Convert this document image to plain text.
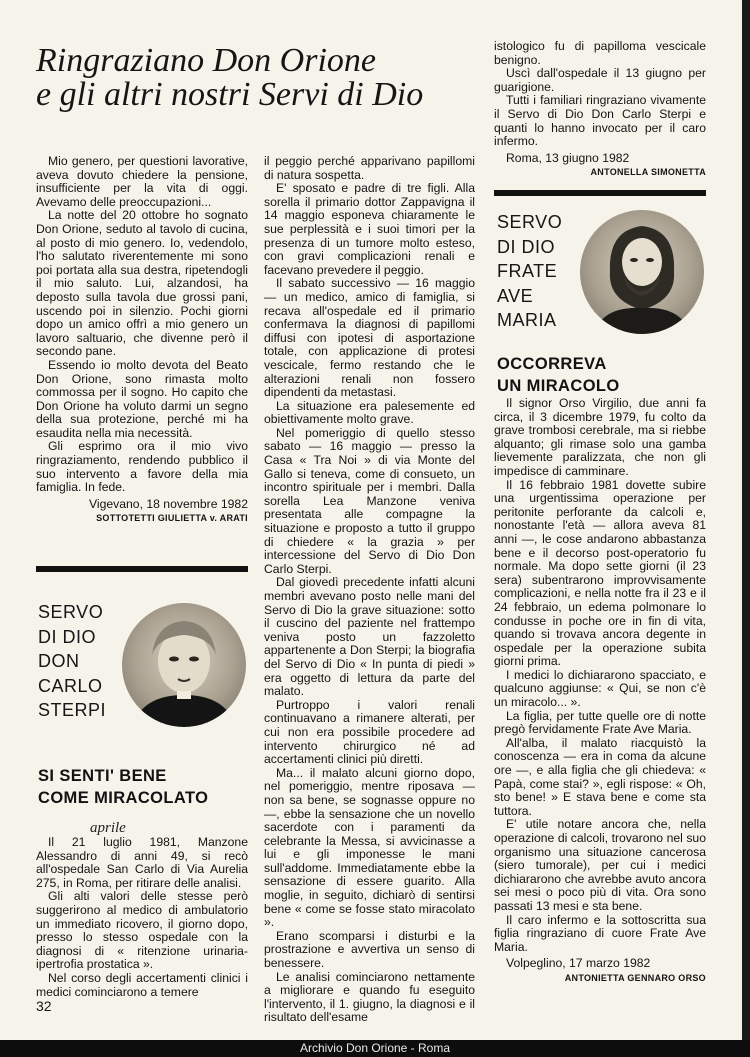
Ringraziano Don Orione
e gli altri nostri Servi di Dio

Mio genero, per questioni lavorative, aveva dovuto chiedere la pensione, insufficiente per la vita di oggi. Avevamo delle preoccupazioni...

La notte del 20 ottobre ho sognato Don Orione, seduto al tavolo di cucina, al posto di mio genero. Io, vedendolo, l'ho salutato riverentemente mi sono poi portata alla sua destra, ripetendogli il mio saluto. Lui, alzandosi, ha deposto sulla tavola due grossi pani, uscendo poi in silenzio. Pochi giorni dopo un amico offrì a mio genero un lavoro saltuario, che divenne però il secondo pane.

Essendo io molto devota del Beato Don Orione, sono rimasta molto commossa per il sogno. Ho capito che Don Orione ha voluto darmi un segno della sua protezione, perché mi ha esaudita nella mia necessità.

Gli esprimo ora il mio vivo ringraziamento, rendendo pubblico il suo intervento a favore della mia famiglia. In fede.

Vigevano, 18 novembre 1982

SOTTOTETTI GIULIETTA v. ARATI

SERVO
DI DIO
DON
CARLO
STERPI
SI SENTI' BENE
COME MIRACOLATO
aprile

Il 21 luglio 1981, Manzone Alessandro di anni 49, si recò all'ospedale San Carlo di Via Aurelia 275, in Roma, per ritirare delle analisi.

Gli alti valori delle stesse però suggerirono al medico di ambulatorio un immediato ricovero, il giorno dopo, presso lo stesso ospedale con la diagnosi di « ritenzione urinaria-ipertrofia prostatica ».

Nel corso degli accertamenti clinici i medici cominciarono a temere

32

il peggio perché apparivano papillomi di natura sospetta.

E' sposato e padre di tre figli. Alla sorella il primario dottor Zappavigna il 14 maggio esponeva chiaramente le sue perplessità e i suoi timori per la presenza di un tumore molto esteso, con gravi complicazioni renali e facevano prevedere il peggio.

Il sabato successivo — 16 maggio — un medico, amico di famiglia, si recava all'ospedale ed il primario confermava la diagnosi di papillomi diffusi con ipotesi di asportazione totale, con applicazione di protesi vescicale, fermo restando che le alterazioni renali non fossero dipendenti da metastasi.

La situazione era palesemente ed obiettivamente molto grave.

Nel pomeriggio di quello stesso sabato — 16 maggio — presso la Casa « Tra Noi » di via Monte del Gallo si teneva, come di consueto, un incontro spirituale per i membri. Dalla sorella Lea Manzone veniva presentata alle compagne la situazione e proposto a tutto il gruppo di chiedere « la grazia » per intercessione del Servo di Dio Don Carlo Sterpi.

Dal giovedì precedente infatti alcuni membri avevano posto nelle mani del Servo di Dio la grave situazione: sotto il cuscino del paziente nel frattempo veniva posto un fazzoletto appartenente a Don Sterpi; la biografia del Servo di Dio « In punta di piedi » era oggetto di lettura da parte del malato.

Purtroppo i valori renali continuavano a rimanere alterati, per cui non era possibile procedere ad intervento chirurgico né ad accertamenti clinici più diretti.

Ma... il malato alcuni giorno dopo, nel pomeriggio, mentre riposava — non sa bene, se sognasse oppure no —, ebbe la sensazione che un novello sacerdote con i paramenti da celebrante la Messa, si avvicinasse a lui e gli imponesse le mani sull'addome. Immediatamente ebbe la sensazione di essere guarito. Alla moglie, in seguito, dichiarò di sentirsi bene « come se fosse stato miracolato ».

Erano scomparsi i disturbi e la prostrazione e avvertiva un senso di benessere.

Le analisi cominciarono nettamente a migliorare e quando fu eseguito l'intervento, il 1. giugno, la diagnosi e il risultato dell'esame

istologico fu di papilloma vescicale benigno.

Uscì dall'ospedale il 13 giugno per guarigione.

Tutti i familiari ringraziano vivamente il Servo di Dio Don Carlo Sterpi e quanti lo hanno invocato per il caro infermo.

Roma, 13 giugno 1982

ANTONELLA SIMONETTA

SERVO
DI DIO
FRATE
AVE
MARIA
OCCORREVA
UN MIRACOLO

Il signor Orso Virgilio, due anni fa circa, il 3 dicembre 1979, fu colto da grave trombosi cerebrale, ma si riebbe alquanto; gli rimase solo una gamba lievemente paralizzata, che non gli impedisce di camminare.

Il 16 febbraio 1981 dovette subire una urgentissima operazione per peritonite perforante da calcoli e, nonostante l'età — allora aveva 81 anni —, le cose andarono abbastanza bene e il decorso post-operatorio fu normale. Ma dopo sette giorni (il 23 sera) subentrarono improvvisamente complicazioni, e nella notte fra il 23 e il 24 febbraio, un edema polmonare lo condusse in poche ore in fin di vita, quando si trovava ancora degente in ospedale per la operazione subita giorni prima.

I medici lo dichiararono spacciato, e qualcuno aggiunse: « Qui, se non c'è un miracolo... ».

La figlia, per tutte quelle ore di notte pregò fervidamente Frate Ave Maria.

All'alba, il malato riacquistò la conoscenza — era in coma da alcune ore —, e alla figlia che gli chiedeva: « Papà, come stai? », egli rispose: « Oh, sto bene! » E stava bene e come sta tuttora.

E' utile notare ancora che, nella operazione di calcoli, trovarono nel suo organismo una situazione cancerosa (siero tumorale), per cui i medici dichiararono che avrebbe avuto ancora sei mesi o poco più di vita. Ora sono passati 13 mesi e sta bene.

Il caro infermo e la sottoscritta sua figlia ringraziano di cuore Frate Ave Maria.

Volpeglino, 17 marzo 1982

ANTONIETTA GENNARO ORSO

Archivio Don Orione - Roma
